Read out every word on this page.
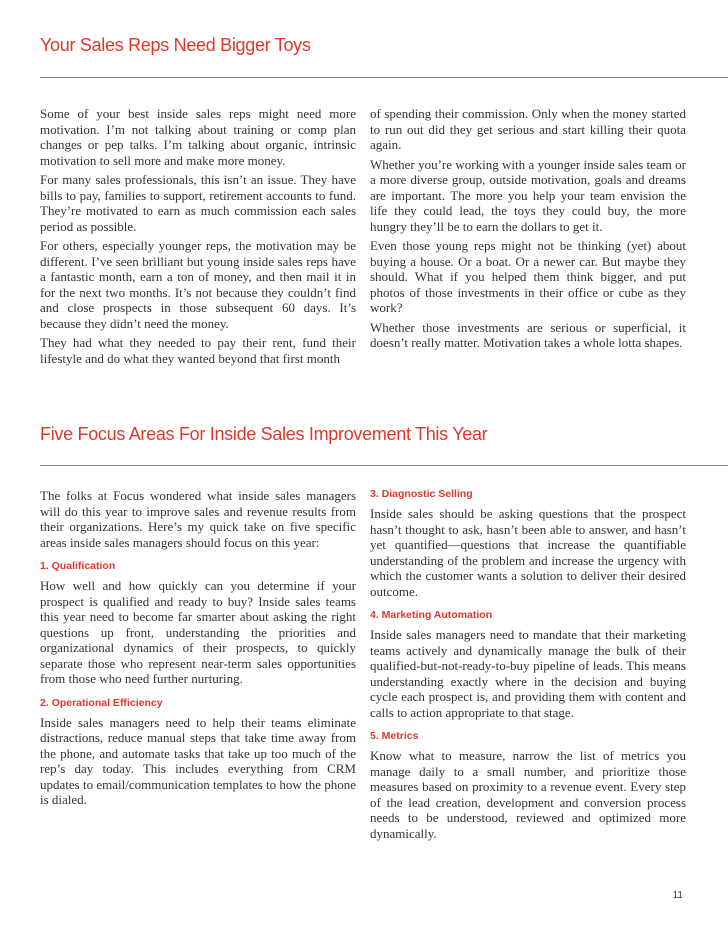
Your Sales Reps Need Bigger Toys

Some of your best inside sales reps might need more motivation. I’m not talking about training or comp plan changes or pep talks. I’m talking about organic, intrinsic motivation to sell more and make more money.

For many sales professionals, this isn’t an issue. They have bills to pay, families to support, retirement accounts to fund. They’re motivated to earn as much commission each sales period as possible.

For others, especially younger reps, the motivation may be different. I’ve seen brilliant but young inside sales reps have a fantastic month, earn a ton of money, and then mail it in for the next two months. It’s not because they couldn’t find and close prospects in those subsequent 60 days. It’s because they didn’t need the money.

They had what they needed to pay their rent, fund their lifestyle and do what they wanted beyond that first month

of spending their commission. Only when the money started to run out did they get serious and start killing their quota again.

Whether you’re working with a younger inside sales team or a more diverse group, outside motivation, goals and dreams are important. The more you help your team envision the life they could lead, the toys they could buy, the more hungry they’ll be to earn the dollars to get it.

Even those young reps might not be thinking (yet) about buying a house. Or a boat. Or a newer car. But maybe they should. What if you helped them think bigger, and put photos of those investments in their office or cube as they work?

Whether those investments are serious or superficial, it doesn’t really matter. Motivation takes a whole lotta shapes.

Five Focus Areas For Inside Sales Improvement This Year

The folks at Focus wondered what inside sales managers will do this year to improve sales and revenue results from their organizations. Here’s my quick take on five specific areas inside sales managers should focus on this year:

1. Qualification

How well and how quickly can you determine if your prospect is qualified and ready to buy? Inside sales teams this year need to become far smarter about asking the right questions up front, understanding the priorities and organizational dynamics of their prospects, to quickly separate those who represent near-term sales opportunities from those who need further nurturing.

2. Operational Efficiency

Inside sales managers need to help their teams eliminate distractions, reduce manual steps that take time away from the phone, and automate tasks that take up too much of the rep’s day today. This includes everything from CRM updates to email/communication templates to how the phone is dialed.

3. Diagnostic Selling

Inside sales should be asking questions that the prospect hasn’t thought to ask, hasn’t been able to answer, and hasn’t yet quantified—questions that increase the quantifiable understanding of the problem and increase the urgency with which the customer wants a solution to deliver their desired outcome.

4. Marketing Automation

Inside sales managers need to mandate that their marketing teams actively and dynamically manage the bulk of their qualified-but-not-ready-to-buy pipeline of leads. This means understanding exactly where in the decision and buying cycle each prospect is, and providing them with content and calls to action appropriate to that stage.

5. Metrics

Know what to measure, narrow the list of metrics you manage daily to a small number, and prioritize those measures based on proximity to a revenue event. Every step of the lead creation, development and conversion process needs to be understood, reviewed and optimized more dynamically.

11
